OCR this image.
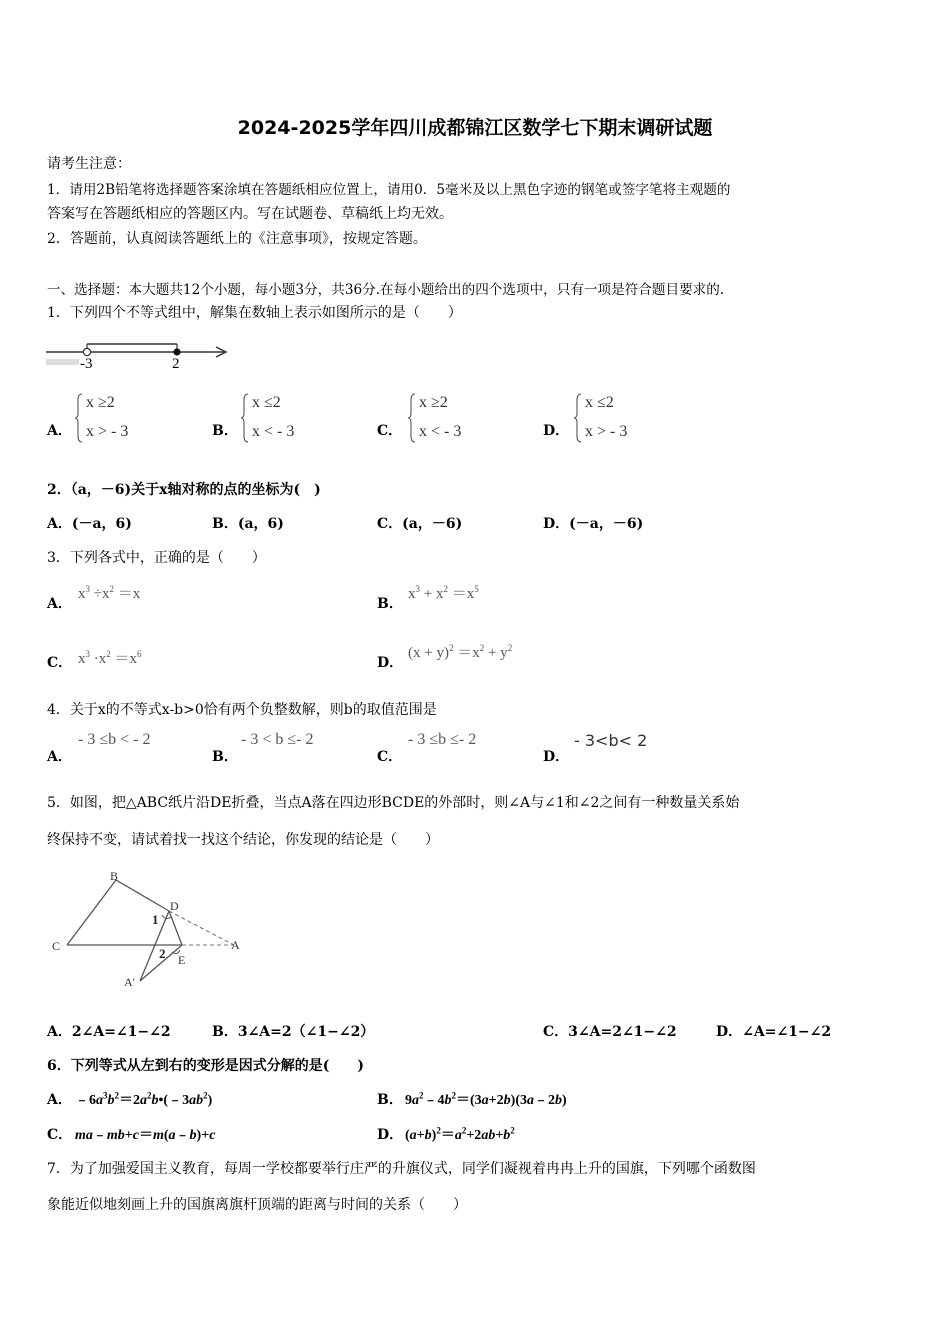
2024-2025学年四川成都锦江区数学七下期末调研试题
请考生注意：
1．请用2B铅笔将选择题答案涂填在答题纸相应位置上，请用0．5毫米及以上黑色字迹的钢笔或签字笔将主观题的
答案写在答题纸相应的答题区内。写在试题卷、草稿纸上均无效。
2．答题前，认真阅读答题纸上的《注意事项》，按规定答题。
一、选择题：本大题共12个小题，每小题3分，共36分.在每小题给出的四个选项中，只有一项是符合题目要求的.
1．下列四个不等式组中，解集在数轴上表示如图所示的是（　　）
-3	2
A．
x ≥2
x > - 3	B．
x ≤2
x < - 3	C．
x ≥2
x < - 3	D．
x ≤2
x > - 3
2．（a，－6)关于x轴对称的点的坐标为(　)
A．(－a，6)	B．(a，6)	C．(a，－6)	D．(－a，－6)
3．下列各式中，正确的是（　　）
A．
$x^3 \div x^2 =x$
B．
$x^3 + x^2 =x^5$
C． $x^3 \cdot x^2 =x^6$
D．
$(x + y)^2 =x^2 + y^2$
4．关于x的不等式x-b>0恰有两个负整数解，则b的取值范围是
A．
- 3 ≤b < - 2
B．
- 3 < b ≤- 2
C．
- 3 ≤b ≤- 2
D．
- 3<b< 2
5．如图，把△ABC纸片沿DE折叠，当点A落在四边形BCDE的外部时，则∠A与∠1和∠2之间有一种数量关系始
终保持不变，请试着找一找这个结论，你发现的结论是（　　）
B
C
D
A
E
A′
1
2
A．2∠A=∠1−∠2	B．3∠A=2（∠1−∠2）	C．3∠A=2∠1−∠2	D．∠A=∠1−∠2
6．下列等式从左到右的变形是因式分解的是(　　)
A． $﹣6a^3b^2=2a^2b•(﹣3ab^2)$	B． $9a^2﹣4b^2=(3a+2b)(3a﹣2b)$
C． ma﹣mb+c＝m(a﹣b)+c	D． $(a+b)^2=a^2+2ab+b^2$
7．为了加强爱国主义教育，每周一学校都要举行庄严的升旗仪式，同学们凝视着冉冉上升的国旗，下列哪个函数图
象能近似地刻画上升的国旗离旗杆顶端的距离与时间的关系（　　）
